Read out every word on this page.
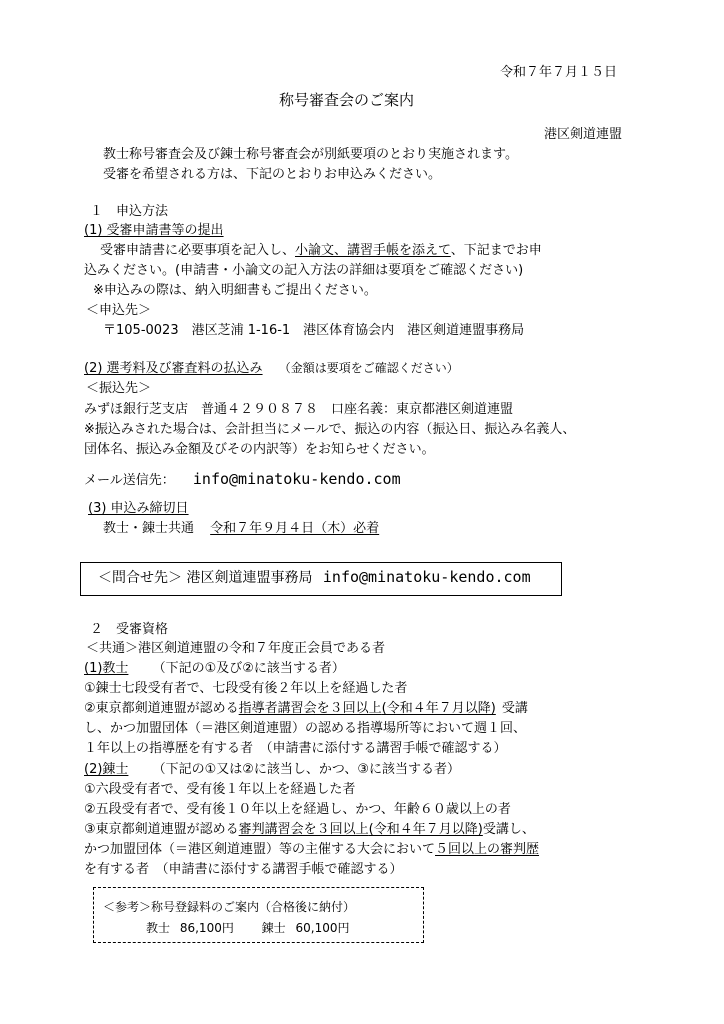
令和７年７月１５日
称号審査会のご案内
港区剣道連盟
教士称号審査会及び錬士称号審査会が別紙要項のとおり実施されます。
受審を希望される方は、下記のとおりお申込みください。
１　申込方法
(1) 受審申請書等の提出
受審申請書に必要事項を記入し、小論文、講習手帳を添えて、下記までお申
込みください。(申請書・小論文の記入方法の詳細は要項をご確認ください)
※申込みの際は、納入明細書もご提出ください。
＜申込先＞
〒105-0023　港区芝浦 1-16-1　港区体育協会内　港区剣道連盟事務局
(2) 選考料及び審査料の払込み （金額は要項をご確認ください）
＜振込先＞
みずほ銀行芝支店　普通４２９０８７８　口座名義：東京都港区剣道連盟
※振込みされた場合は、会計担当にメールで、振込の内容（振込日、振込み名義人、
団体名、振込み金額及びその内訳等）をお知らせください。
メール送信先： info@minatoku-kendo.com
(3) 申込み締切日
教士・錬士共通 令和７年９月４日（木）必着
＜問合せ先＞ 港区剣道連盟事務局 info@minatoku-kendo.com
２　受審資格
＜共通＞港区剣道連盟の令和７年度正会員である者
(1)教士 （下記の①及び②に該当する者）
①錬士七段受有者で、七段受有後２年以上を経過した者
②東京都剣道連盟が認める指導者講習会を３回以上(令和４年７月以降) 受講
し、かつ加盟団体（＝港区剣道連盟）の認める指導場所等において週１回、
１年以上の指導歴を有する者　（申請書に添付する講習手帳で確認する）
(2)錬士 （下記の①又は②に該当し、かつ、③に該当する者）
①六段受有者で、受有後１年以上を経過した者
②五段受有者で、受有後１０年以上を経過し、かつ、年齢６０歳以上の者
③東京都剣道連盟が認める審判講習会を３回以上(令和４年７月以降)受講し、
かつ加盟団体（＝港区剣道連盟）等の主催する大会において５回以上の審判歴
を有する者　（申請書に添付する講習手帳で確認する）
＜参考＞称号登録料のご案内（合格後に納付）
教士 86,100円 錬士 60,100円
